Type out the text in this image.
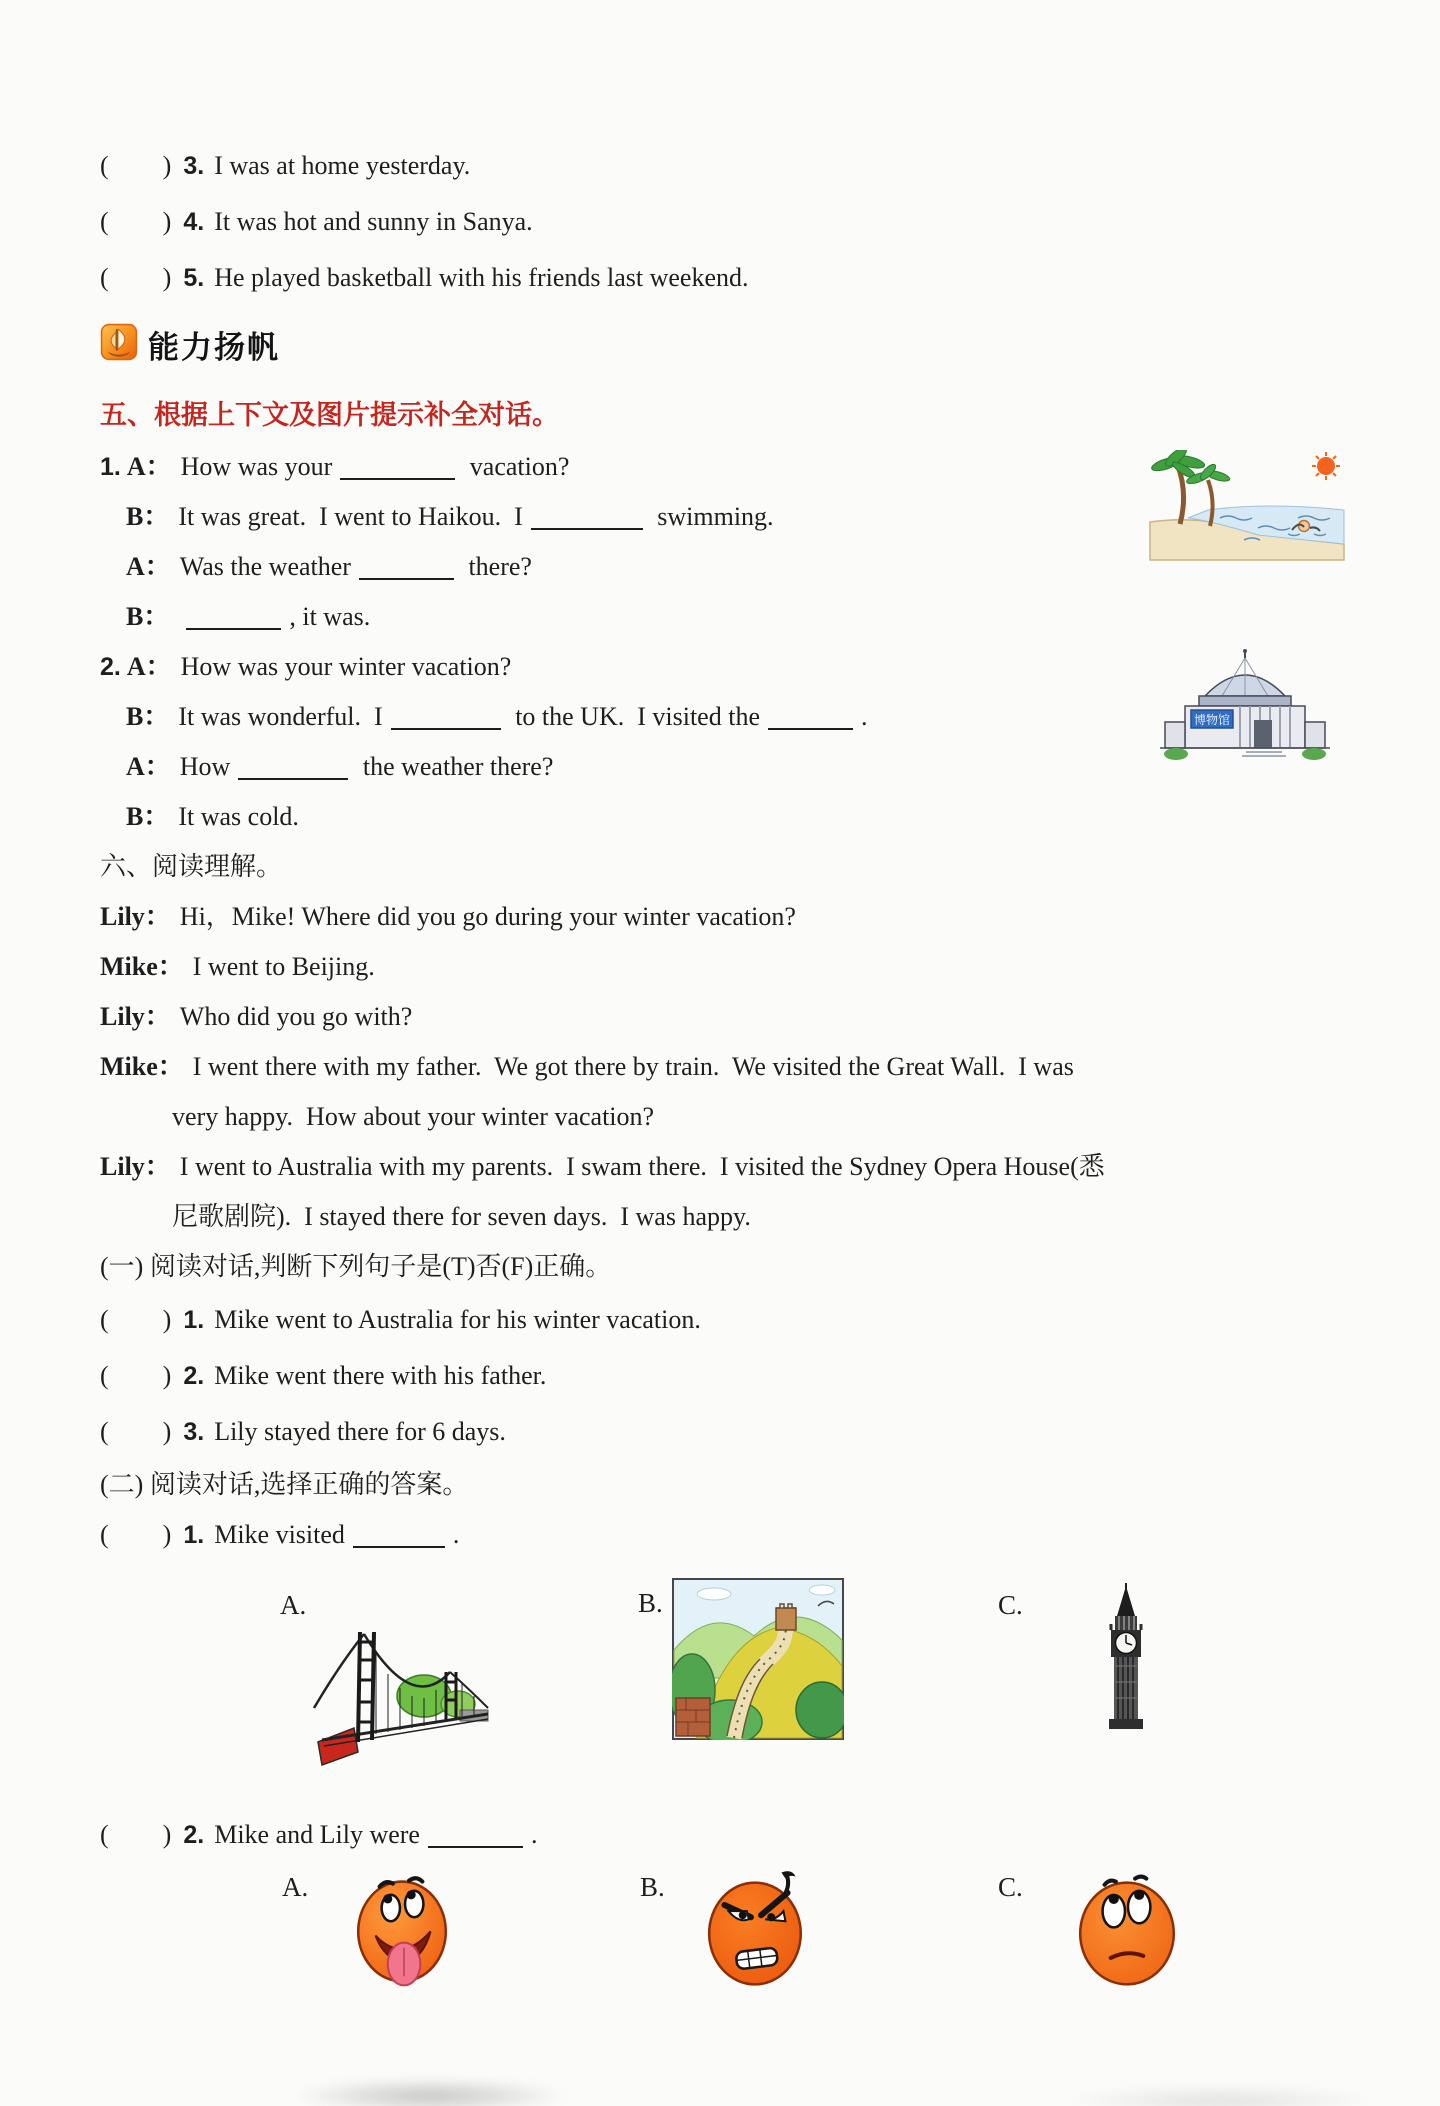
( ) 3. I was at home yesterday.
( ) 4. It was hot and sunny in Sanya.
( ) 5. He played basketball with his friends last weekend.
能力扬帆
五、根据上下文及图片提示补全对话。
1. A： How was your	vacation?
B： It was great.  I went to Haikou.  I	swimming.
A： Was the weather	there?
B：	, it was.
2. A： How was your winter vacation?
B： It was wonderful.  I	to the UK.  I visited the	.
A： How	the weather there?
B： It was cold.
六、阅读理解。
Lily： Hi，Mike! Where did you go during your winter vacation?
Mike： I went to Beijing.
Lily： Who did you go with?
Mike： I went there with my father.  We got there by train.  We visited the Great Wall.  I was
very happy.  How about your winter vacation?
Lily： I went to Australia with my parents.  I swam there.  I visited the Sydney Opera House(悉
尼歌剧院).  I stayed there for seven days.  I was happy.
(一) 阅读对话,判断下列句子是(T)否(F)正确。
( ) 1. Mike went to Australia for his winter vacation.
( ) 2. Mike went there with his father.
( ) 3. Lily stayed there for 6 days.
(二) 阅读对话,选择正确的答案。
( ) 1. Mike visited	.
A.	B.	C.
( ) 2. Mike and Lily were	.
A.	B.	C.
博物馆
